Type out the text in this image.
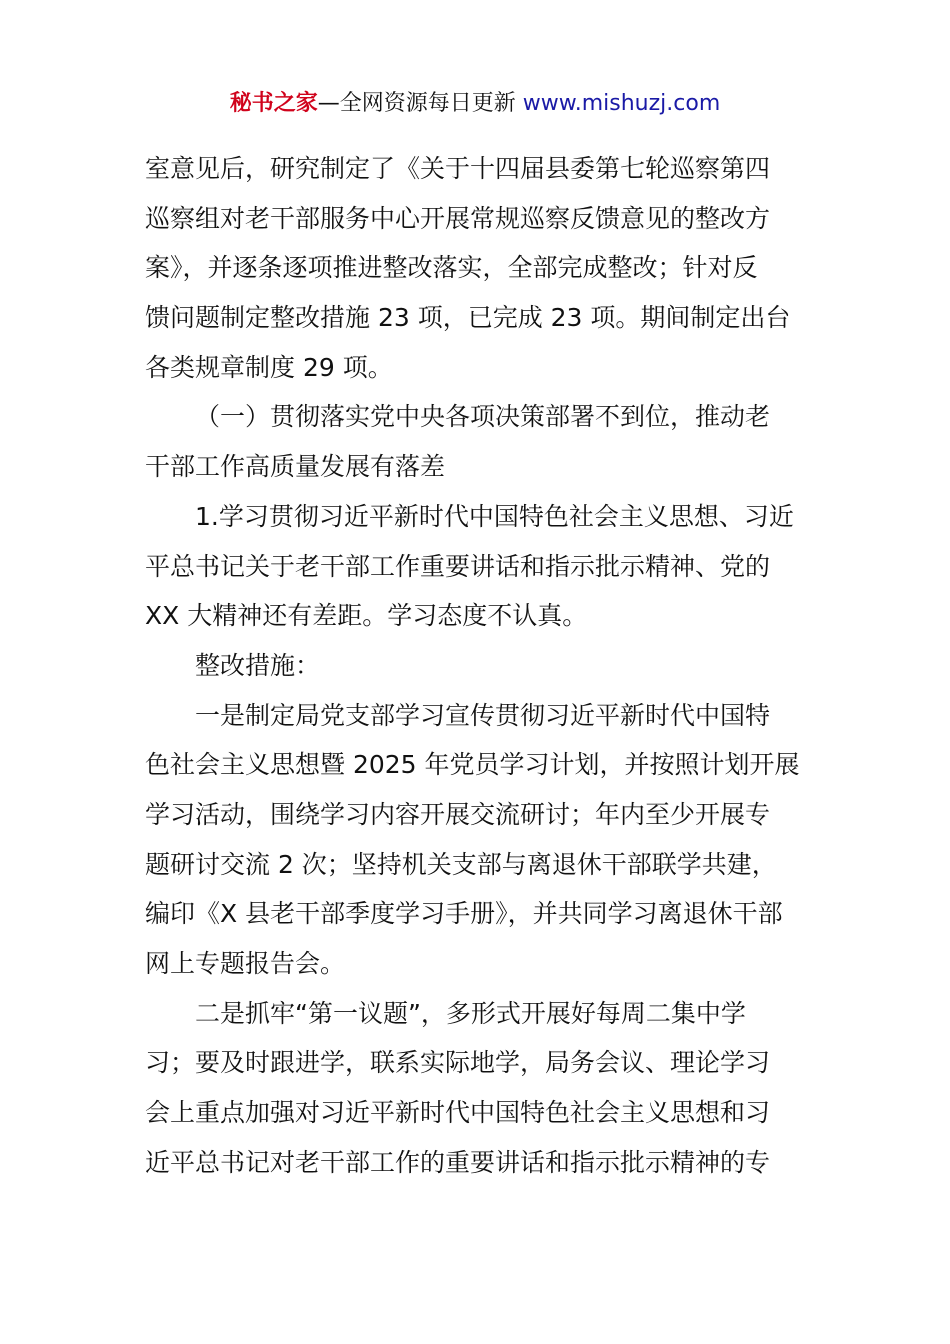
秘书之家—全网资源每日更新 www.mishuzj.com
室意见后，研究制定了《关于十四届县委第七轮巡察第四
巡察组对老干部服务中心开展常规巡察反馈意见的整改方
案》，并逐条逐项推进整改落实，全部完成整改；针对反
馈问题制定整改措施 23 项，已完成 23 项。期间制定出台
各类规章制度 29 项。
（一）贯彻落实党中央各项决策部署不到位，推动老
干部工作高质量发展有落差
1.学习贯彻习近平新时代中国特色社会主义思想、习近
平总书记关于老干部工作重要讲话和指示批示精神、党的
XX 大精神还有差距。学习态度不认真。
整改措施：
一是制定局党支部学习宣传贯彻习近平新时代中国特
色社会主义思想暨 2025 年党员学习计划，并按照计划开展
学习活动，围绕学习内容开展交流研讨；年内至少开展专
题研讨交流 2 次；坚持机关支部与离退休干部联学共建，
编印《X 县老干部季度学习手册》，并共同学习离退休干部
网上专题报告会。
二是抓牢“第一议题”，多形式开展好每周二集中学
习；要及时跟进学，联系实际地学，局务会议、理论学习
会上重点加强对习近平新时代中国特色社会主义思想和习
近平总书记对老干部工作的重要讲话和指示批示精神的专
